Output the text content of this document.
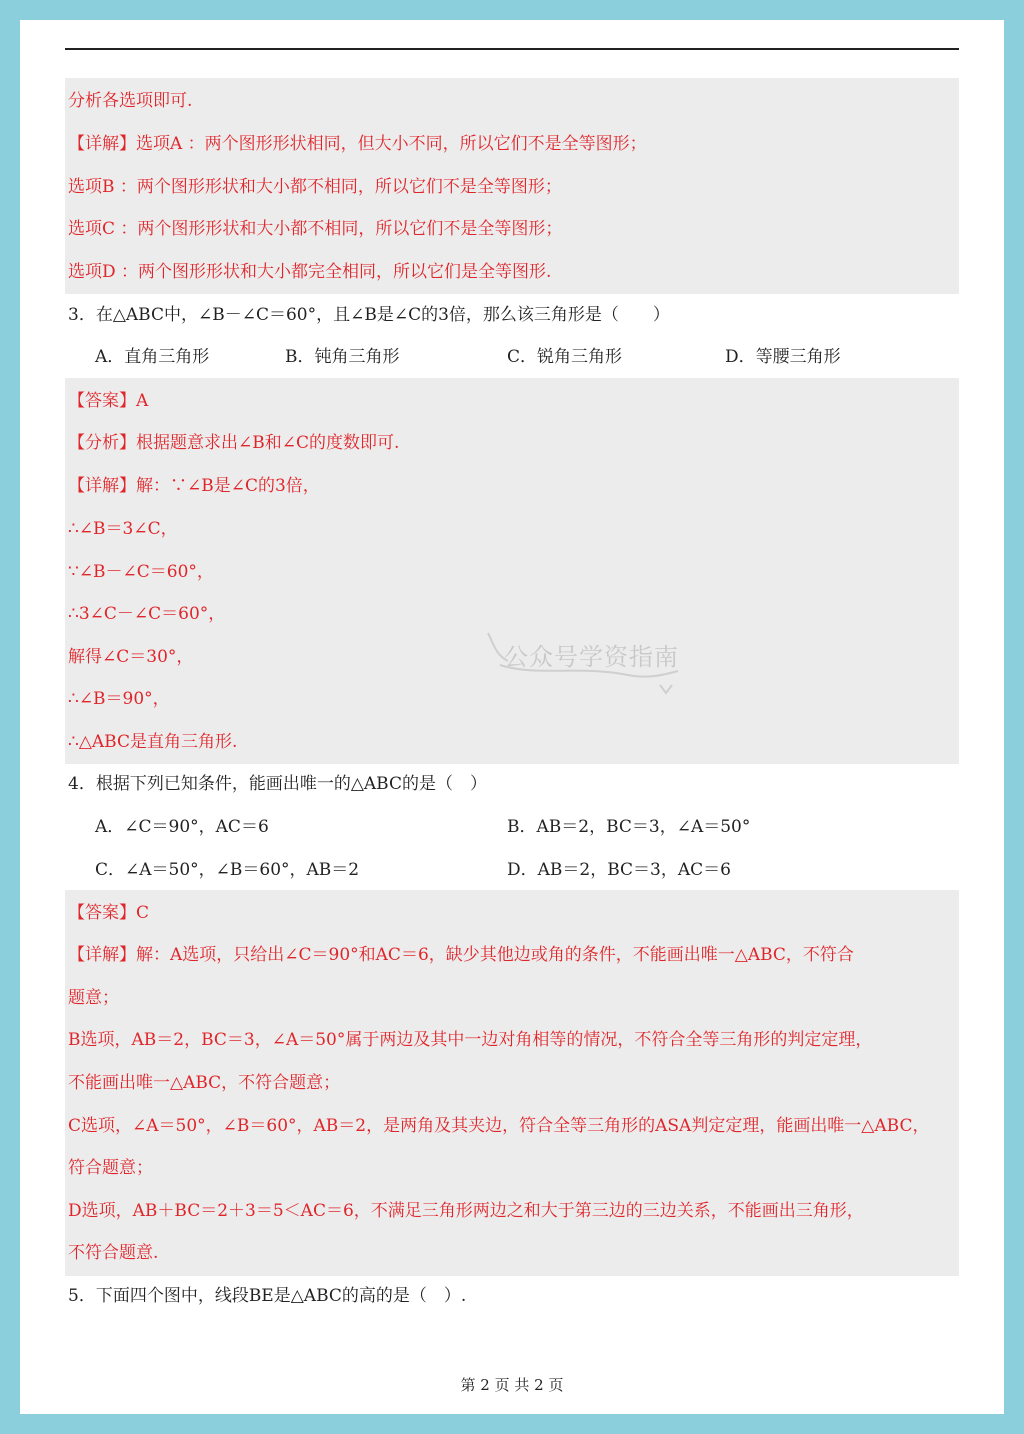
分析各选项即可.
【详解】选项A ：两个图形形状相同，但大小不同，所以它们不是全等图形；
选项B ：两个图形形状和大小都不相同，所以它们不是全等图形；
选项C ：两个图形形状和大小都不相同，所以它们不是全等图形；
选项D ：两个图形形状和大小都完全相同，所以它们是全等图形.
3．在△ABC中，∠B－∠C＝60°，且∠B是∠C的3倍，那么该三角形是（　　）
A．直角三角形	B．钝角三角形	C．锐角三角形	D．等腰三角形
【答案】A
【分析】根据题意求出∠B和∠C的度数即可.
【详解】解：∵∠B是∠C的3倍，
∴∠B＝3∠C，
∵∠B－∠C＝60°，
∴3∠C－∠C＝60°，
解得∠C＝30°，
∴∠B＝90°，
∴△ABC是直角三角形.
公众号学资指南
4．根据下列已知条件，能画出唯一的△ABC的是（　）
A．∠C＝90°，AC＝6	B．AB＝2，BC＝3，∠A＝50°
C．∠A＝50°，∠B＝60°，AB＝2	D．AB＝2，BC＝3，AC＝6
【答案】C
【详解】解：A选项，只给出∠C＝90°和AC＝6，缺少其他边或角的条件，不能画出唯一△ABC，不符合
题意；
B选项，AB＝2，BC＝3，∠A＝50°属于两边及其中一边对角相等的情况，不符合全等三角形的判定定理，
不能画出唯一△ABC，不符合题意；
C选项，∠A＝50°，∠B＝60°，AB＝2，是两角及其夹边，符合全等三角形的ASA判定定理，能画出唯一△ABC，
符合题意；
D选项，AB＋BC＝2＋3＝5＜AC＝6，不满足三角形两边之和大于第三边的三边关系，不能画出三角形，
不符合题意.
5．下面四个图中，线段BE是△ABC的高的是（　）.
第 2 页 共 2 页
